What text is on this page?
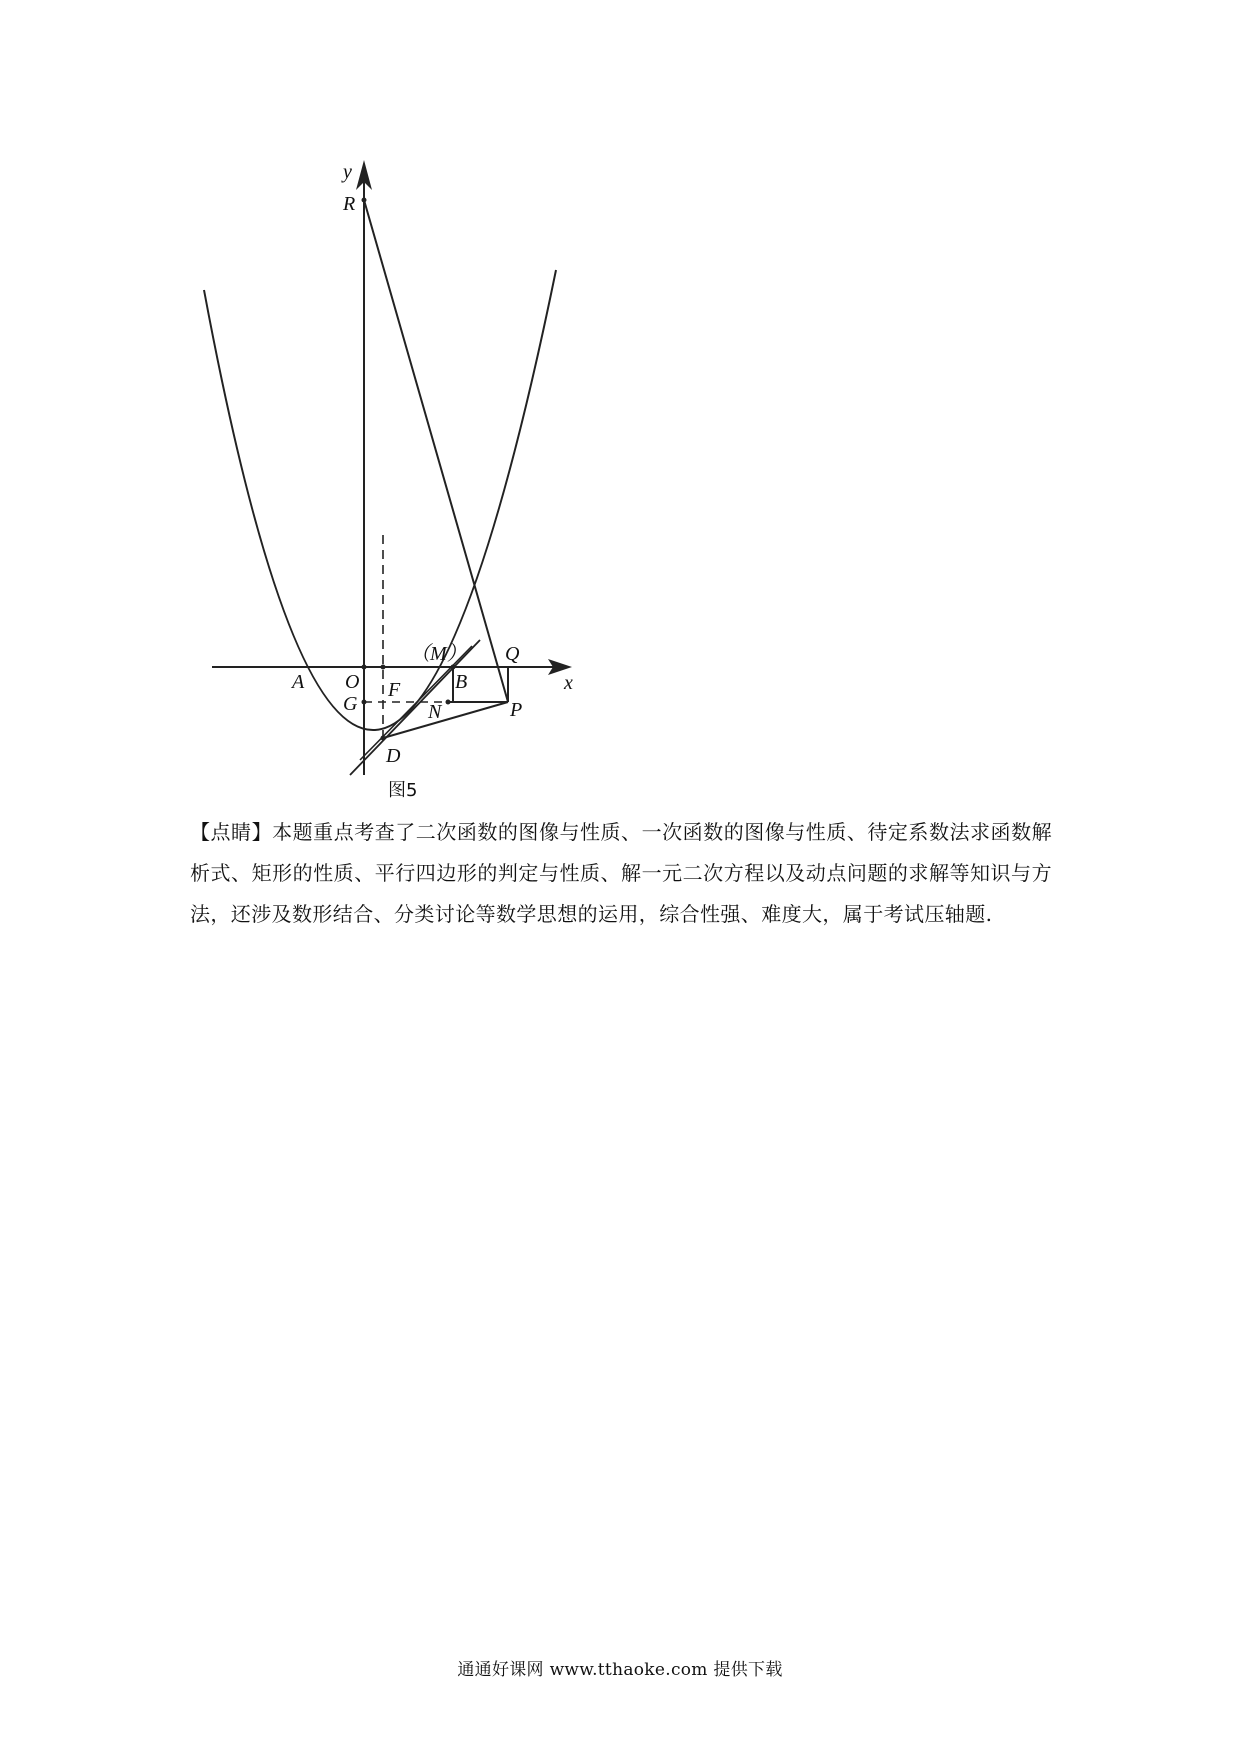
y
R
（M） Q
x
A O	B
F
G	N	P
D
图5
【点睛】本题重点考查了二次函数的图像与性质、一次函数的图像与性质、待定系数法求函数解析式、矩形的性质、平行四边形的判定与性质、解一元二次方程以及动点问题的求解等知识与方法，还涉及数形结合、分类讨论等数学思想的运用，综合性强、难度大，属于考试压轴题.
通通好课网 www.tthaoke.com 提供下载
